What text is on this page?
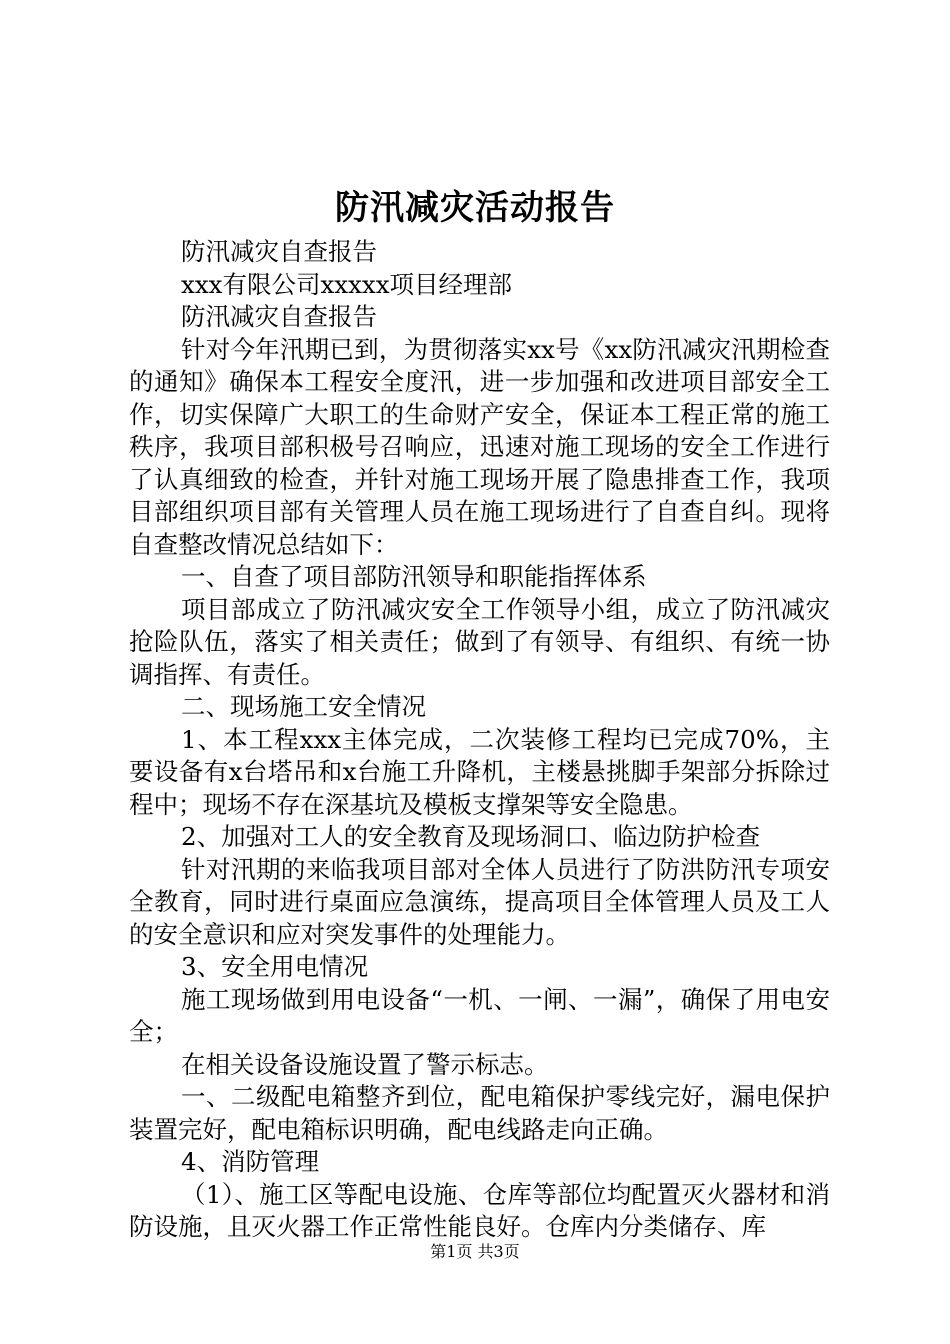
防汛减灾活动报告

防汛减灾自查报告

xxx有限公司xxxxx项目经理部

防汛减灾自查报告

针对今年汛期已到，为贯彻落实xx号《xx防汛减灾汛期检查的通知》确保本工程安全度汛，进一步加强和改进项目部安全工作，切实保障广大职工的生命财产安全，保证本工程正常的施工秩序，我项目部积极号召响应，迅速对施工现场的安全工作进行了认真细致的检查，并针对施工现场开展了隐患排查工作，我项目部组织项目部有关管理人员在施工现场进行了自查自纠。现将自查整改情况总结如下：

一、自查了项目部防汛领导和职能指挥体系

项目部成立了防汛减灾安全工作领导小组，成立了防汛减灾抢险队伍，落实了相关责任；做到了有领导、有组织、有统一协调指挥、有责任。

二、现场施工安全情况

1、本工程xxx主体完成，二次装修工程均已完成70%，主要设备有x台塔吊和x台施工升降机，主楼悬挑脚手架部分拆除过程中；现场不存在深基坑及模板支撑架等安全隐患。

2、加强对工人的安全教育及现场洞口、临边防护检查

针对汛期的来临我项目部对全体人员进行了防洪防汛专项安全教育，同时进行桌面应急演练，提高项目全体管理人员及工人的安全意识和应对突发事件的处理能力。

3、安全用电情况

施工现场做到用电设备“一机、一闸、一漏”，确保了用电安全；

在相关设备设施设置了警示标志。

一、二级配电箱整齐到位，配电箱保护零线完好，漏电保护装置完好，配电箱标识明确，配电线路走向正确。

4、消防管理

（1）、施工区等配电设施、仓库等部位均配置灭火器材和消防设施，且灭火器工作正常性能良好。仓库内分类储存、库

第1页 共3页
